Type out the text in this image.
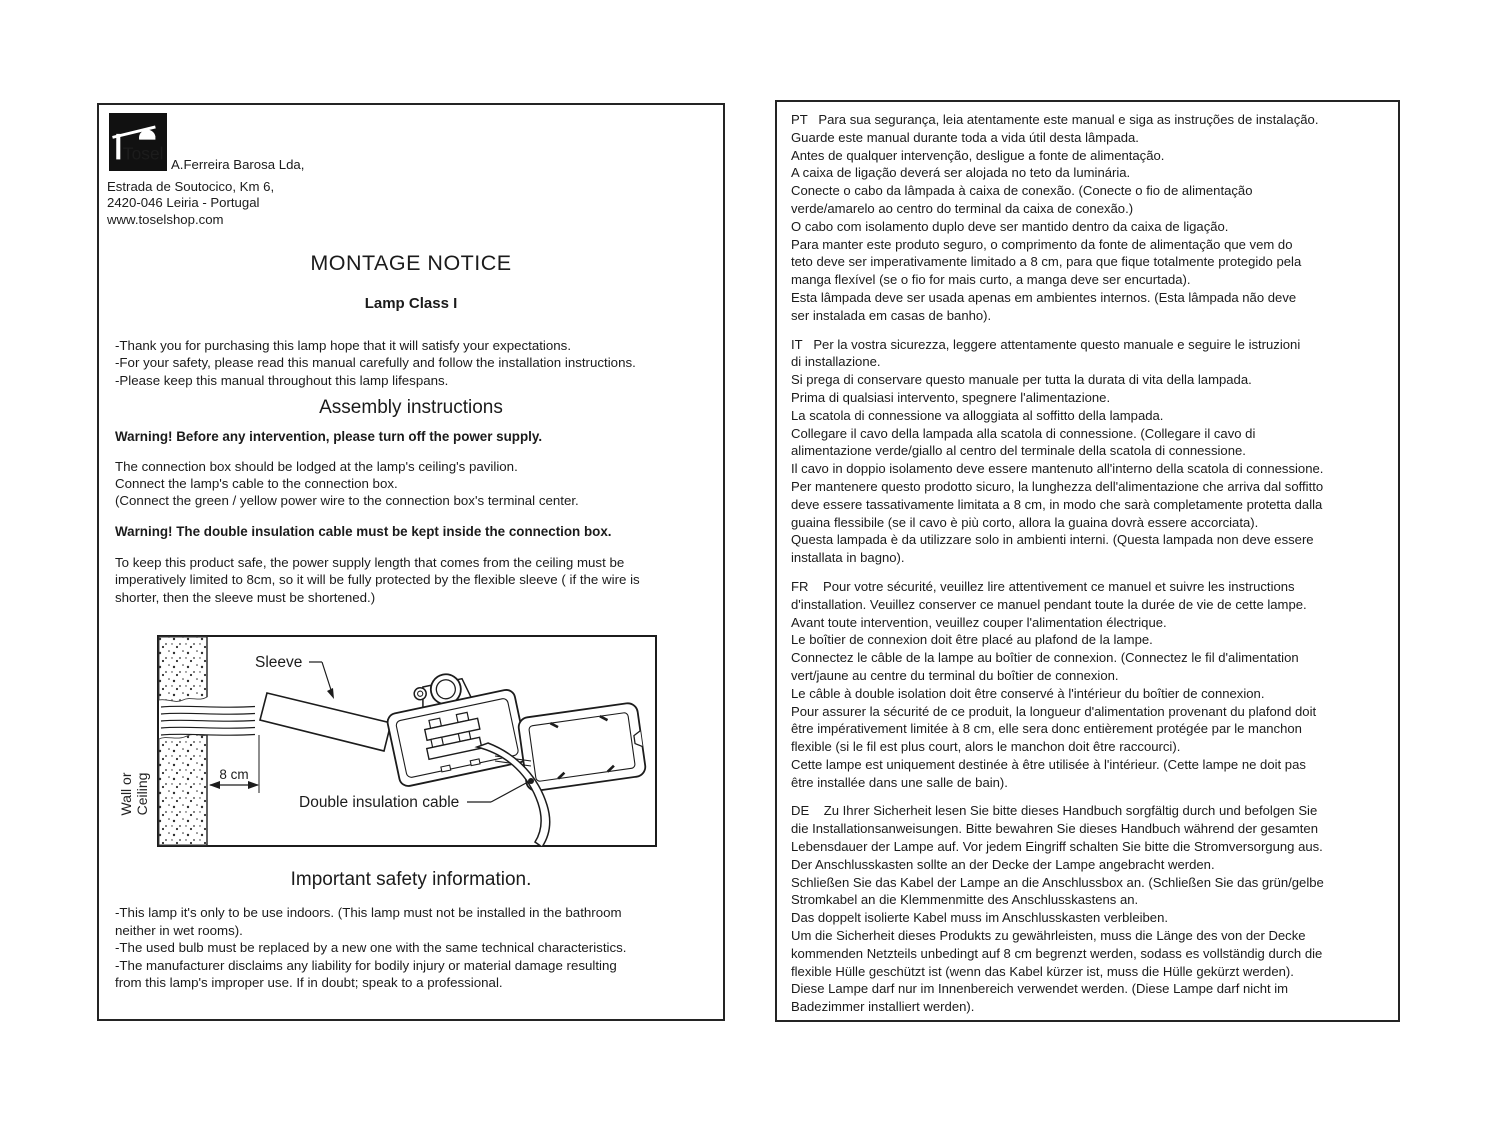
Tosel
A.Ferreira Barosa Lda,
Estrada de Soutocico, Km 6,
2420-046 Leiria - Portugal
www.toselshop.com
MONTAGE NOTICE
Lamp Class I
-Thank you for purchasing this lamp hope that it will satisfy your expectations.
-For your safety, please read this manual carefully and follow the installation instructions.
-Please keep this manual throughout this lamp lifespans.
Assembly instructions
Warning! Before any intervention, please turn off the power supply.
The connection box should be lodged at the lamp's ceiling's pavilion.
Connect the lamp's cable to the connection box.
(Connect the green / yellow power wire to the connection box's terminal center.
Warning! The double insulation cable must be kept inside the connection box.
To keep this product safe, the power supply length that comes from the ceiling must be
imperatively limited to 8cm, so it will be fully protected by the flexible sleeve ( if the wire is
shorter, then the sleeve must be shortened.)
8 cm
Sleeve
Double insulation cable
Wall or Ceiling
Important safety information.
-This lamp it's only to be use indoors. (This lamp must not be installed in the bathroom
neither in wet rooms).
-The used bulb must be replaced by a new one with the same technical characteristics.
-The manufacturer disclaims any liability for bodily injury or material damage resulting
from this lamp's improper use. If in doubt; speak to a professional.
PT   Para sua segurança, leia atentamente este manual e siga as instruções de instalação.
Guarde este manual durante toda a vida útil desta lâmpada.
Antes de qualquer intervenção, desligue a fonte de alimentação.
A caixa de ligação deverá ser alojada no teto da luminária.
Conecte o cabo da lâmpada à caixa de conexão. (Conecte o fio de alimentação
verde/amarelo ao centro do terminal da caixa de conexão.)
O cabo com isolamento duplo deve ser mantido dentro da caixa de ligação.
Para manter este produto seguro, o comprimento da fonte de alimentação que vem do
teto deve ser imperativamente limitado a 8 cm, para que fique totalmente protegido pela
manga flexível (se o fio for mais curto, a manga deve ser encurtada).
Esta lâmpada deve ser usada apenas em ambientes internos. (Esta lâmpada não deve
ser instalada em casas de banho).
IT   Per la vostra sicurezza, leggere attentamente questo manuale e seguire le istruzioni
di installazione.
Si prega di conservare questo manuale per tutta la durata di vita della lampada.
Prima di qualsiasi intervento, spegnere l'alimentazione.
La scatola di connessione va alloggiata al soffitto della lampada.
Collegare il cavo della lampada alla scatola di connessione. (Collegare il cavo di
alimentazione verde/giallo al centro del terminale della scatola di connessione.
Il cavo in doppio isolamento deve essere mantenuto all'interno della scatola di connessione.
Per mantenere questo prodotto sicuro, la lunghezza dell'alimentazione che arriva dal soffitto
deve essere tassativamente limitata a 8 cm, in modo che sarà completamente protetta dalla
guaina flessibile (se il cavo è più corto, allora la guaina dovrà essere accorciata).
Questa lampada è da utilizzare solo in ambienti interni. (Questa lampada non deve essere
installata in bagno).
FR    Pour votre sécurité, veuillez lire attentivement ce manuel et suivre les instructions
d'installation. Veuillez conserver ce manuel pendant toute la durée de vie de cette lampe.
Avant toute intervention, veuillez couper l'alimentation électrique.
Le boîtier de connexion doit être placé au plafond de la lampe.
Connectez le câble de la lampe au boîtier de connexion. (Connectez le fil d'alimentation
vert/jaune au centre du terminal du boîtier de connexion.
Le câble à double isolation doit être conservé à l'intérieur du boîtier de connexion.
Pour assurer la sécurité de ce produit, la longueur d'alimentation provenant du plafond doit
être impérativement limitée à 8 cm, elle sera donc entièrement protégée par le manchon
flexible (si le fil est plus court, alors le manchon doit être raccourci).
Cette lampe est uniquement destinée à être utilisée à l'intérieur. (Cette lampe ne doit pas
être installée dans une salle de bain).
DE    Zu Ihrer Sicherheit lesen Sie bitte dieses Handbuch sorgfältig durch und befolgen Sie
die Installationsanweisungen. Bitte bewahren Sie dieses Handbuch während der gesamten
Lebensdauer der Lampe auf. Vor jedem Eingriff schalten Sie bitte die Stromversorgung aus.
Der Anschlusskasten sollte an der Decke der Lampe angebracht werden.
Schließen Sie das Kabel der Lampe an die Anschlussbox an. (Schließen Sie das grün/gelbe
Stromkabel an die Klemmenmitte des Anschlusskastens an.
Das doppelt isolierte Kabel muss im Anschlusskasten verbleiben.
Um die Sicherheit dieses Produkts zu gewährleisten, muss die Länge des von der Decke
kommenden Netzteils unbedingt auf 8 cm begrenzt werden, sodass es vollständig durch die
flexible Hülle geschützt ist (wenn das Kabel kürzer ist, muss die Hülle gekürzt werden).
Diese Lampe darf nur im Innenbereich verwendet werden. (Diese Lampe darf nicht im
Badezimmer installiert werden).
